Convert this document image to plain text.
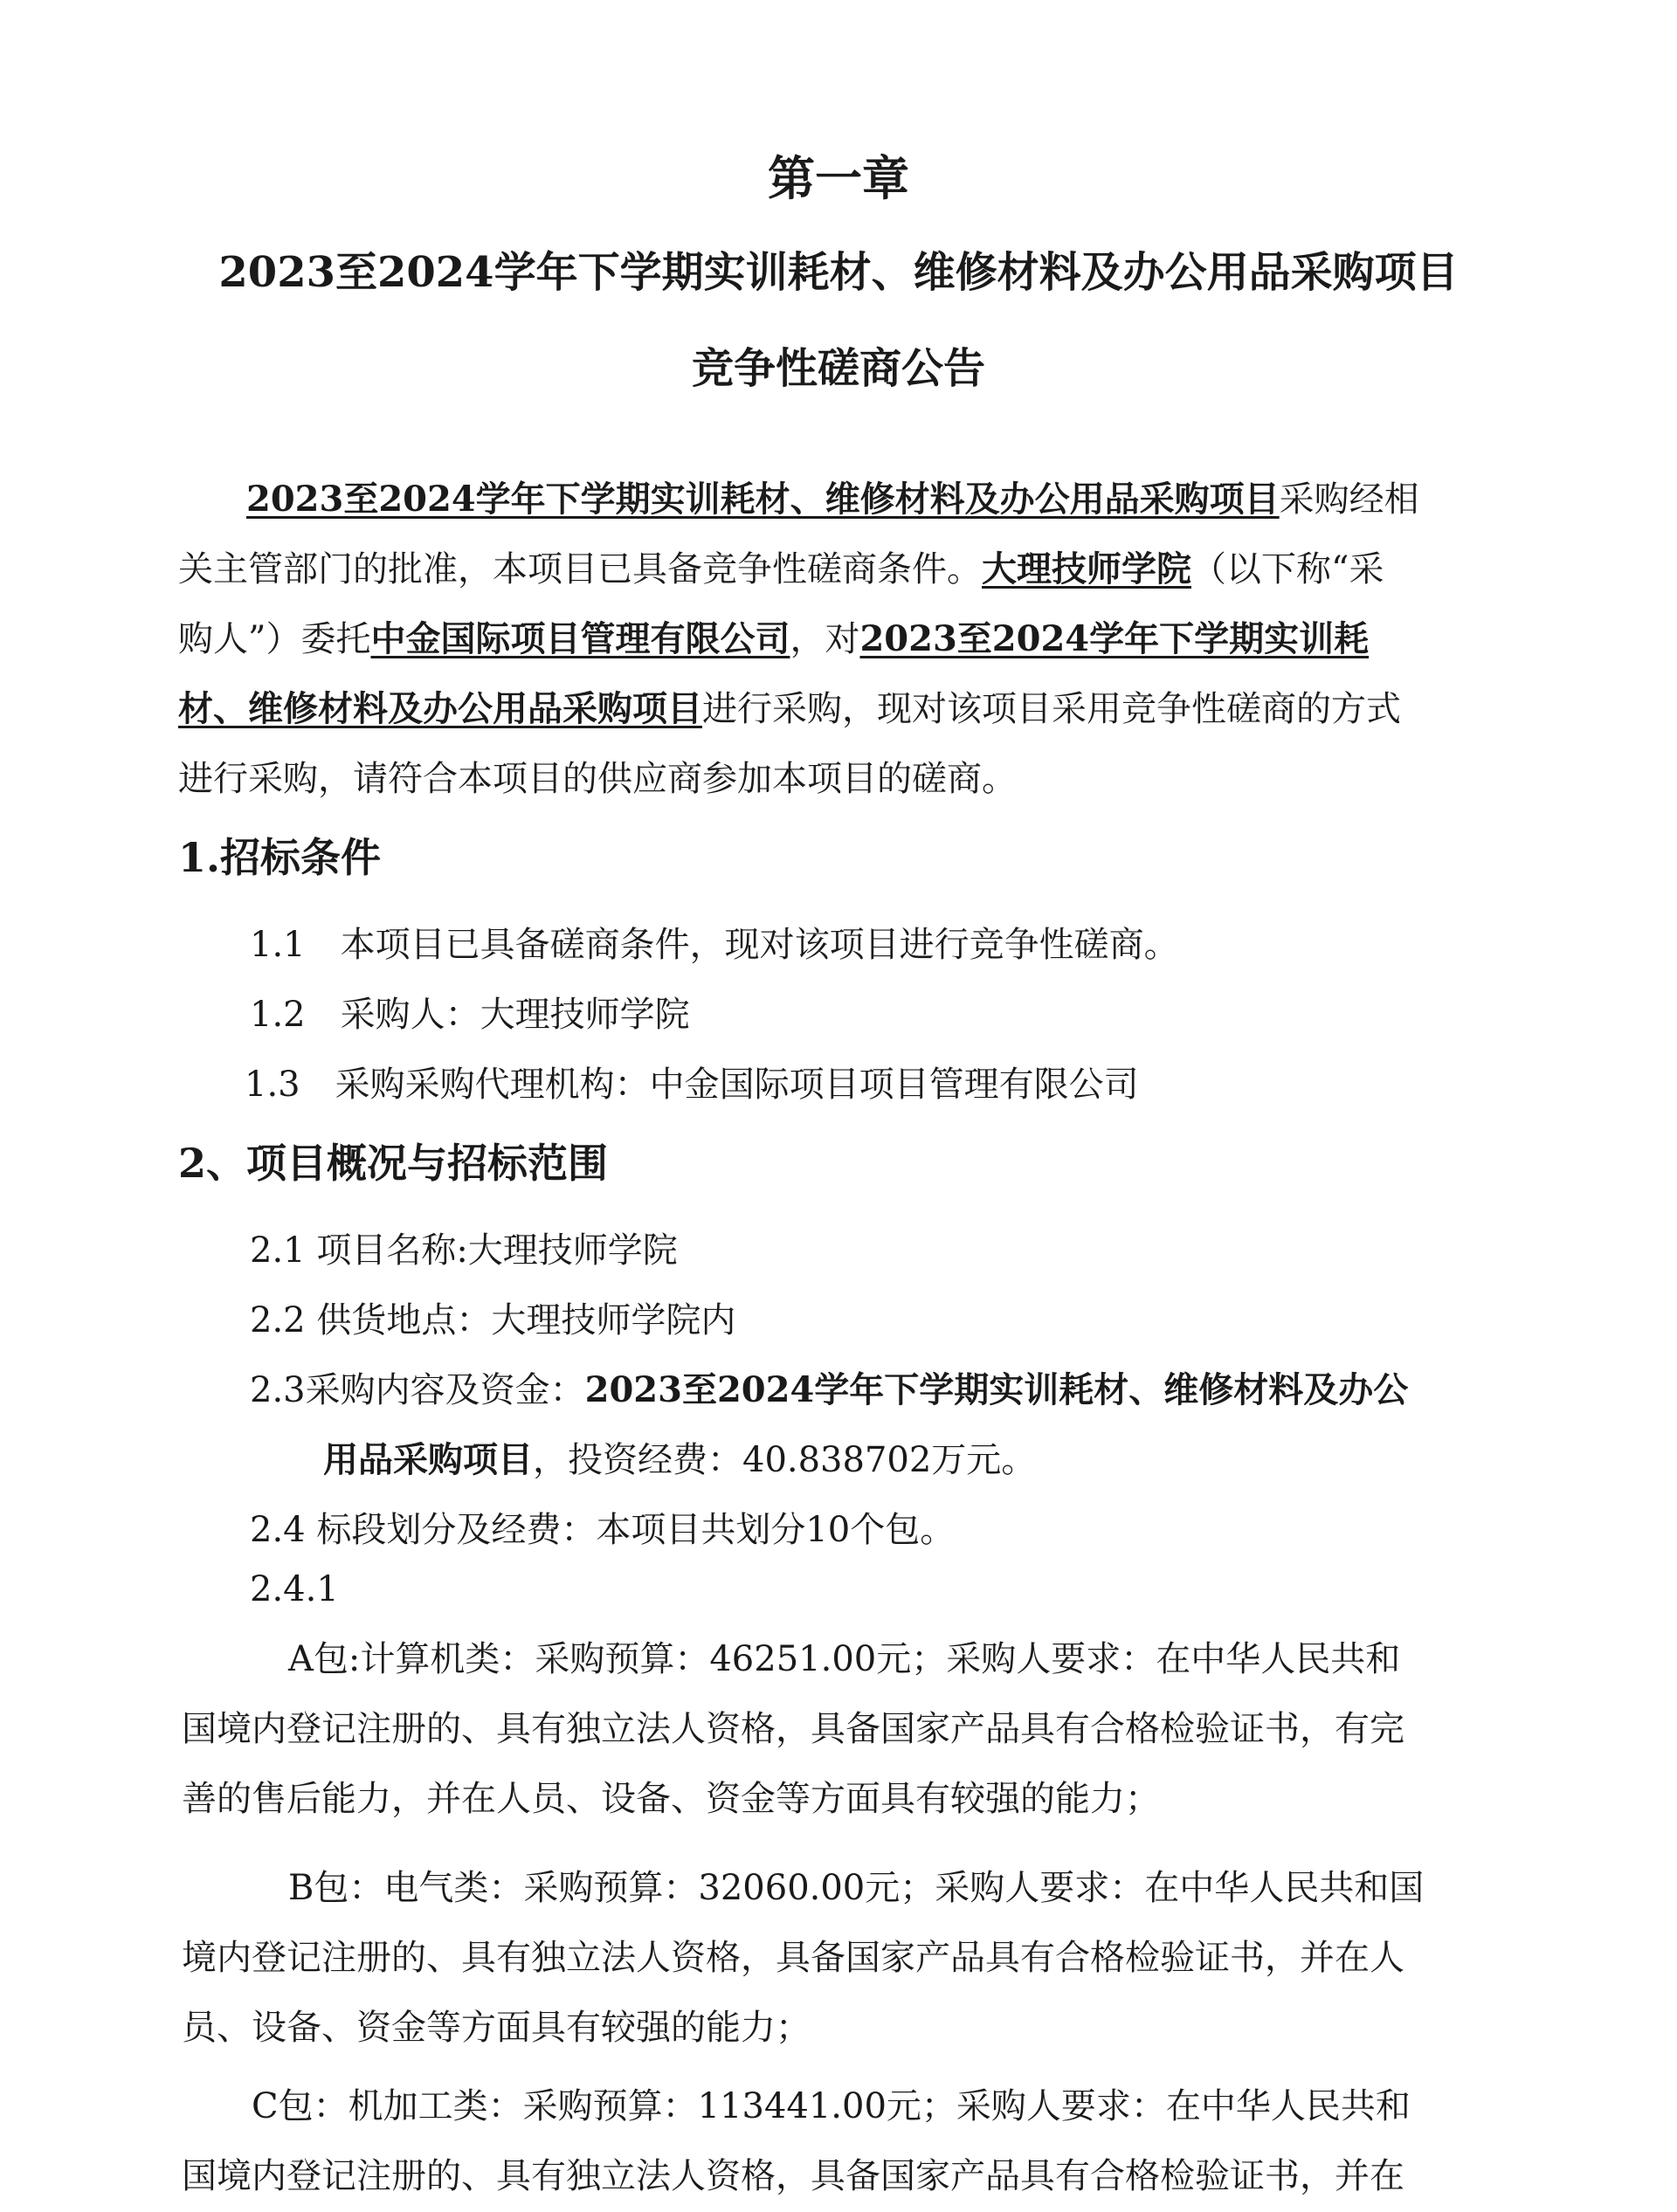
第一章
2023至2024学年下学期实训耗材、维修材料及办公用品采购项目
竞争性磋商公告
2023至2024学年下学期实训耗材、维修材料及办公用品采购项目采购经相
关主管部门的批准，本项目已具备竞争性磋商条件。大理技师学院（以下称“采
购人”）委托中金国际项目管理有限公司，对2023至2024学年下学期实训耗
材、维修材料及办公用品采购项目进行采购，现对该项目采用竞争性磋商的方式
进行采购，请符合本项目的供应商参加本项目的磋商。
1.招标条件
1.1　本项目已具备磋商条件，现对该项目进行竞争性磋商。
1.2　采购人：大理技师学院
1.3　采购采购代理机构：中金国际项目项目管理有限公司
2、项目概况与招标范围
2.1 项目名称:大理技师学院
2.2 供货地点：大理技师学院内
2.3采购内容及资金：2023至2024学年下学期实训耗材、维修材料及办公
用品采购项目，投资经费：40.838702万元。
2.4 标段划分及经费：本项目共划分10个包。
2.4.1
A包:计算机类：采购预算：46251.00元；采购人要求：在中华人民共和
国境内登记注册的、具有独立法人资格，具备国家产品具有合格检验证书，有完
善的售后能力，并在人员、设备、资金等方面具有较强的能力；
B包：电气类：采购预算：32060.00元；采购人要求：在中华人民共和国
境内登记注册的、具有独立法人资格，具备国家产品具有合格检验证书，并在人
员、设备、资金等方面具有较强的能力；
C包：机加工类：采购预算：113441.00元；采购人要求：在中华人民共和
国境内登记注册的、具有独立法人资格，具备国家产品具有合格检验证书，并在
